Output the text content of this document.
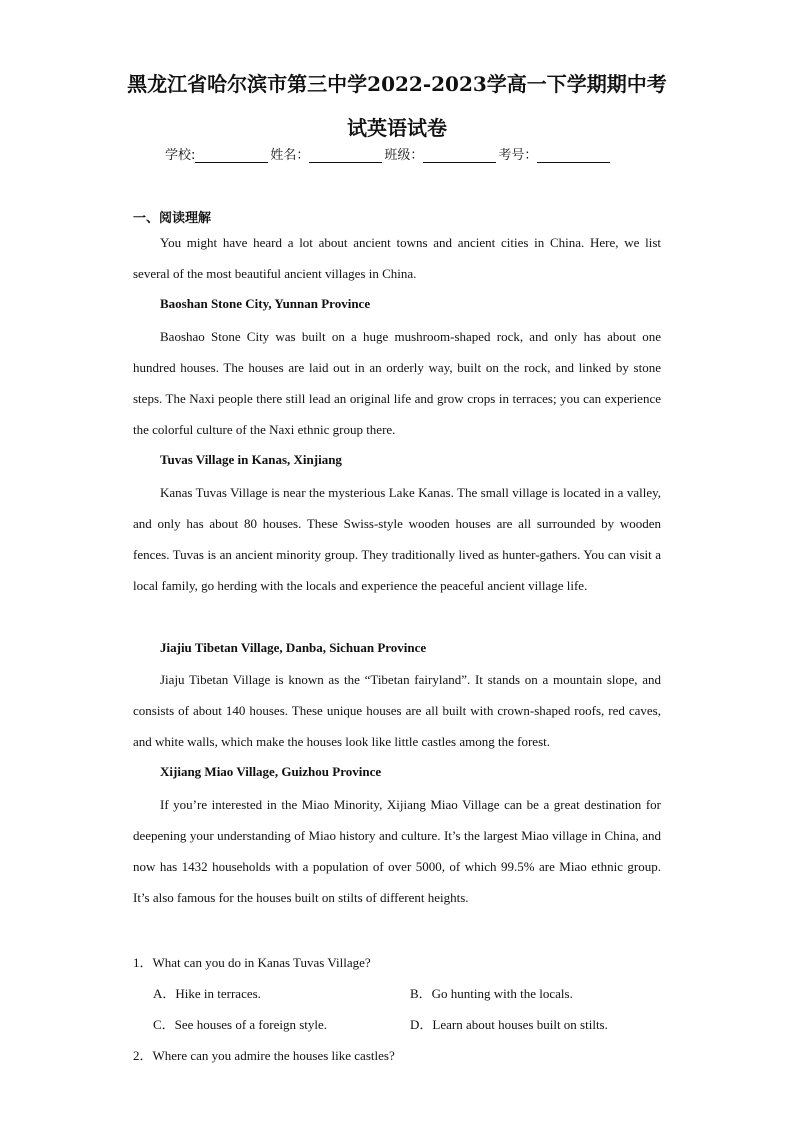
黑龙江省哈尔滨市第三中学2022-2023学高一下学期期中考
试英语试卷
学校:	姓名：	班级：	考号：
一、阅读理解
You might have heard a lot about ancient towns and ancient cities in China. Here, we list several of the most beautiful ancient villages in China.
Baoshan Stone City, Yunnan Province
Baoshao Stone City was built on a huge mushroom-shaped rock, and only has about one hundred houses. The houses are laid out in an orderly way, built on the rock, and linked by stone steps. The Naxi people there still lead an original life and grow crops in terraces; you can experience the colorful culture of the Naxi ethnic group there.
Tuvas Village in Kanas, Xinjiang
Kanas Tuvas Village is near the mysterious Lake Kanas. The small village is located in a valley, and only has about 80 houses. These Swiss-style wooden houses are all surrounded by wooden fences. Tuvas is an ancient minority group. They traditionally lived as hunter-gathers. You can visit a local family, go herding with the locals and experience the peaceful ancient village life.
Jiajiu Tibetan Village, Danba, Sichuan Province
Jiaju Tibetan Village is known as the “Tibetan fairyland”. It stands on a mountain slope, and consists of about 140 houses. These unique houses are all built with crown-shaped roofs, red caves, and white walls, which make the houses look like little castles among the forest.
Xijiang Miao Village, Guizhou Province
If you’re interested in the Miao Minority, Xijiang Miao Village can be a great destination for deepening your understanding of Miao history and culture. It’s the largest Miao village in China, and now has 1432 households with a population of over 5000, of which 99.5% are Miao ethnic group. It’s also famous for the houses built on stilts of different heights.
1．What can you do in Kanas Tuvas Village?
A．Hike in terraces.	B．Go hunting with the locals.
C．See houses of a foreign style.	D．Learn about houses built on stilts.
2．Where can you admire the houses like castles?
